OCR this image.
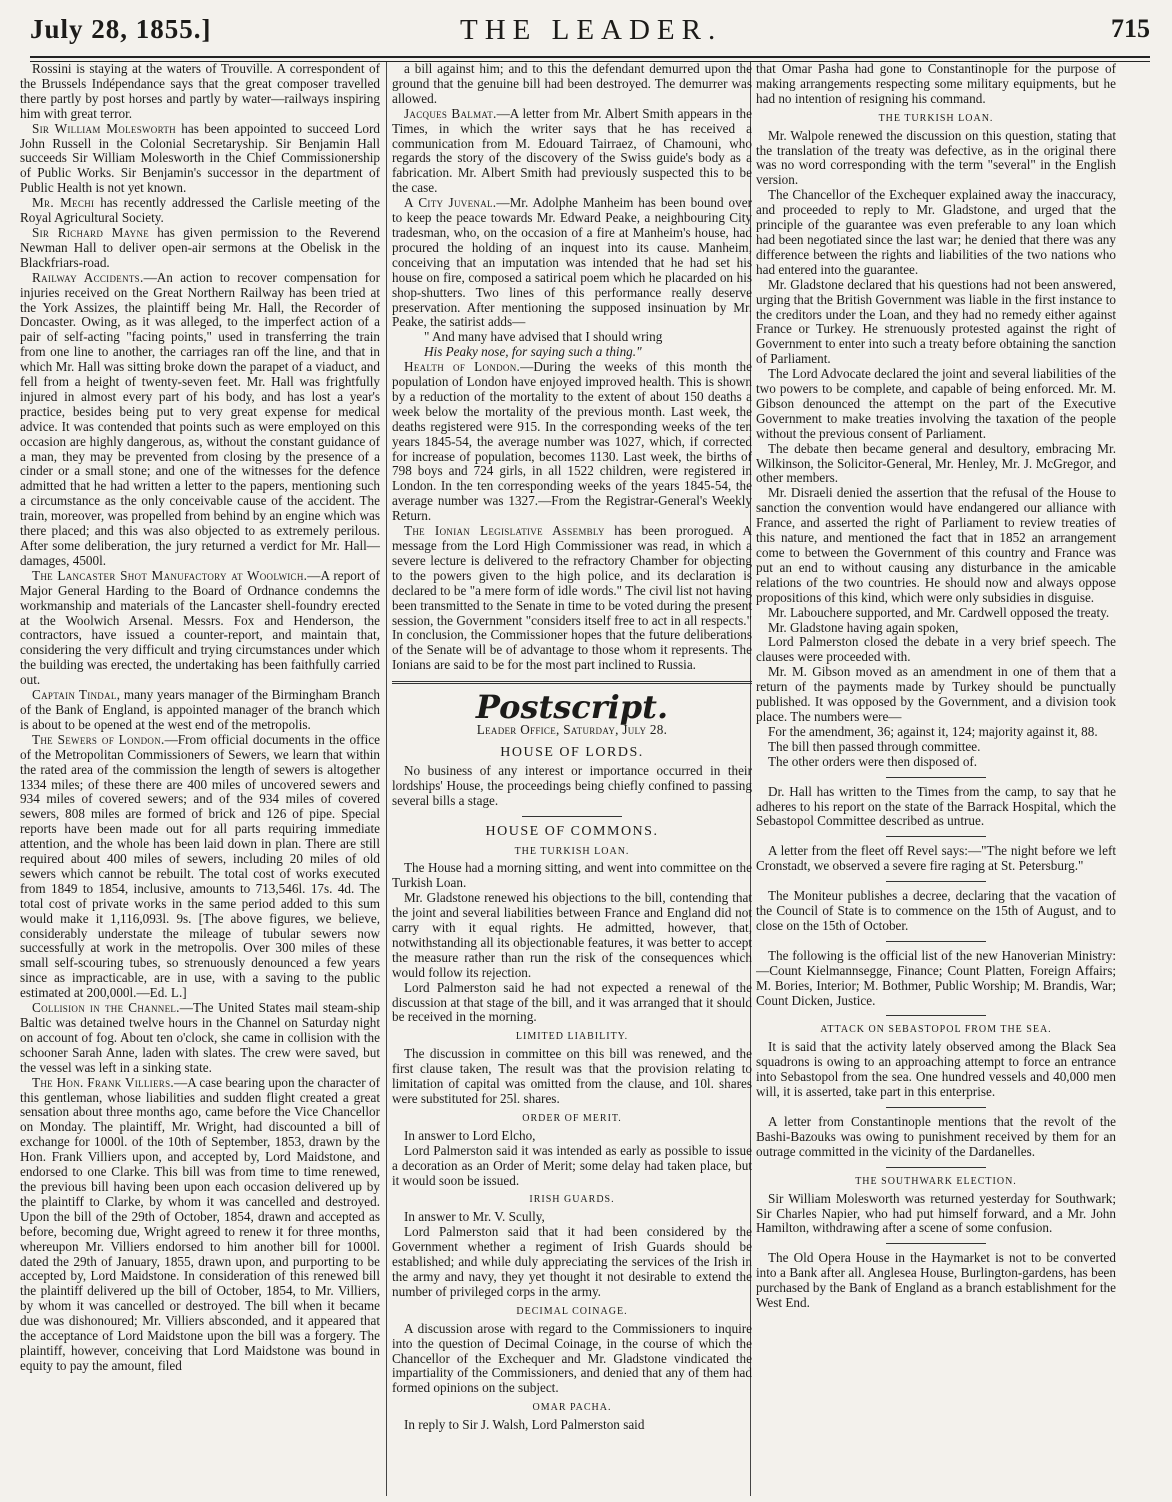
July 28, 1855.]	THE LEADER.	715

Rossini is staying at the waters of Trouville. A correspondent of the Brussels Indépendance says that the great composer travelled there partly by post horses and partly by water—railways inspiring him with great terror.

Sir William Molesworth has been appointed to succeed Lord John Russell in the Colonial Secretaryship. Sir Benjamin Hall succeeds Sir William Molesworth in the Chief Commissionership of Public Works. Sir Benjamin's successor in the department of Public Health is not yet known.

Mr. Mechi has recently addressed the Carlisle meeting of the Royal Agricultural Society.

Sir Richard Mayne has given permission to the Reverend Newman Hall to deliver open-air sermons at the Obelisk in the Blackfriars-road.

Railway Accidents.—An action to recover compensation for injuries received on the Great Northern Railway has been tried at the York Assizes, the plaintiff being Mr. Hall, the Recorder of Doncaster. Owing, as it was alleged, to the imperfect action of a pair of self-acting "facing points," used in transferring the train from one line to another, the carriages ran off the line, and that in which Mr. Hall was sitting broke down the parapet of a viaduct, and fell from a height of twenty-seven feet. Mr. Hall was frightfully injured in almost every part of his body, and has lost a year's practice, besides being put to very great expense for medical advice. It was contended that points such as were employed on this occasion are highly dangerous, as, without the constant guidance of a man, they may be prevented from closing by the presence of a cinder or a small stone; and one of the witnesses for the defence admitted that he had written a letter to the papers, mentioning such a circumstance as the only conceivable cause of the accident. The train, moreover, was propelled from behind by an engine which was there placed; and this was also objected to as extremely perilous. After some deliberation, the jury returned a verdict for Mr. Hall—damages, 4500l.

The Lancaster Shot Manufactory at Woolwich.—A report of Major General Harding to the Board of Ordnance condemns the workmanship and materials of the Lancaster shell-foundry erected at the Woolwich Arsenal. Messrs. Fox and Henderson, the contractors, have issued a counter-report, and maintain that, considering the very difficult and trying circumstances under which the building was erected, the undertaking has been faithfully carried out.

Captain Tindal, many years manager of the Birmingham Branch of the Bank of England, is appointed manager of the branch which is about to be opened at the west end of the metropolis.

The Sewers of London.—From official documents in the office of the Metropolitan Commissioners of Sewers, we learn that within the rated area of the commission the length of sewers is altogether 1334 miles; of these there are 400 miles of uncovered sewers and 934 miles of covered sewers; and of the 934 miles of covered sewers, 808 miles are formed of brick and 126 of pipe. Special reports have been made out for all parts requiring immediate attention, and the whole has been laid down in plan. There are still required about 400 miles of sewers, including 20 miles of old sewers which cannot be rebuilt. The total cost of works executed from 1849 to 1854, inclusive, amounts to 713,546l. 17s. 4d. The total cost of private works in the same period added to this sum would make it 1,116,093l. 9s. [The above figures, we believe, considerably understate the mileage of tubular sewers now successfully at work in the metropolis. Over 300 miles of these small self-scouring tubes, so strenuously denounced a few years since as impracticable, are in use, with a saving to the public estimated at 200,000l.—Ed. L.]

Collision in the Channel.—The United States mail steam-ship Baltic was detained twelve hours in the Channel on Saturday night on account of fog. About ten o'clock, she came in collision with the schooner Sarah Anne, laden with slates. The crew were saved, but the vessel was left in a sinking state.

The Hon. Frank Villiers.—A case bearing upon the character of this gentleman, whose liabilities and sudden flight created a great sensation about three months ago, came before the Vice Chancellor on Monday. The plaintiff, Mr. Wright, had discounted a bill of exchange for 1000l. of the 10th of September, 1853, drawn by the Hon. Frank Villiers upon, and accepted by, Lord Maidstone, and endorsed to one Clarke. This bill was from time to time renewed, the previous bill having been upon each occasion delivered up by the plaintiff to Clarke, by whom it was cancelled and destroyed. Upon the bill of the 29th of October, 1854, drawn and accepted as before, becoming due, Wright agreed to renew it for three months, whereupon Mr. Villiers endorsed to him another bill for 1000l. dated the 29th of January, 1855, drawn upon, and purporting to be accepted by, Lord Maidstone. In consideration of this renewed bill the plaintiff delivered up the bill of October, 1854, to Mr. Villiers, by whom it was cancelled or destroyed. The bill when it became due was dishonoured; Mr. Villiers absconded, and it appeared that the acceptance of Lord Maidstone upon the bill was a forgery. The plaintiff, however, conceiving that Lord Maidstone was bound in equity to pay the amount, filed

a bill against him; and to this the defendant demurred upon the ground that the genuine bill had been destroyed. The demurrer was allowed.

Jacques Balmat.—A letter from Mr. Albert Smith appears in the Times, in which the writer says that he has received a communication from M. Edouard Tairraez, of Chamouni, who regards the story of the discovery of the Swiss guide's body as a fabrication. Mr. Albert Smith had previously suspected this to be the case.

A City Juvenal.—Mr. Adolphe Manheim has been bound over to keep the peace towards Mr. Edward Peake, a neighbouring City tradesman, who, on the occasion of a fire at Manheim's house, had procured the holding of an inquest into its cause. Manheim, conceiving that an imputation was intended that he had set his house on fire, composed a satirical poem which he placarded on his shop-shutters. Two lines of this performance really deserve preservation. After mentioning the supposed insinuation by Mr. Peake, the satirist adds—

" And many have advised that I should wring

His Peaky nose, for saying such a thing."

Health of London.—During the weeks of this month the population of London have enjoyed improved health. This is shown by a reduction of the mortality to the extent of about 150 deaths a week below the mortality of the previous month. Last week, the deaths registered were 915. In the corresponding weeks of the ten years 1845-54, the average number was 1027, which, if corrected for increase of population, becomes 1130. Last week, the births of 798 boys and 724 girls, in all 1522 children, were registered in London. In the ten corresponding weeks of the years 1845-54, the average number was 1327.—From the Registrar-General's Weekly Return.

The Ionian Legislative Assembly has been prorogued. A message from the Lord High Commissioner was read, in which a severe lecture is delivered to the refractory Chamber for objecting to the powers given to the high police, and its declaration is declared to be "a mere form of idle words." The civil list not having been transmitted to the Senate in time to be voted during the present session, the Government "considers itself free to act in all respects." In conclusion, the Commissioner hopes that the future deliberations of the Senate will be of advantage to those whom it represents. The Ionians are said to be for the most part inclined to Russia.

Postscript.

Leader Office, Saturday, July 28.

HOUSE OF LORDS.

No business of any interest or importance occurred in their lordships' House, the proceedings being chiefly confined to passing several bills a stage.

HOUSE OF COMMONS.
THE TURKISH LOAN.

The House had a morning sitting, and went into committee on the Turkish Loan.

Mr. Gladstone renewed his objections to the bill, contending that the joint and several liabilities between France and England did not carry with it equal rights. He admitted, however, that, notwithstanding all its objectionable features, it was better to accept the measure rather than run the risk of the consequences which would follow its rejection.

Lord Palmerston said he had not expected a renewal of the discussion at that stage of the bill, and it was arranged that it should be received in the morning.

LIMITED LIABILITY.

The discussion in committee on this bill was renewed, and the first clause taken, The result was that the provision relating to limitation of capital was omitted from the clause, and 10l. shares were substituted for 25l. shares.

ORDER OF MERIT.

In answer to Lord Elcho,

Lord Palmerston said it was intended as early as possible to issue a decoration as an Order of Merit; some delay had taken place, but it would soon be issued.

IRISH GUARDS.

In answer to Mr. V. Scully,

Lord Palmerston said that it had been considered by the Government whether a regiment of Irish Guards should be established; and while duly appreciating the services of the Irish in the army and navy, they yet thought it not desirable to extend the number of privileged corps in the army.

DECIMAL COINAGE.

A discussion arose with regard to the Commissioners to inquire into the question of Decimal Coinage, in the course of which the Chancellor of the Exchequer and Mr. Gladstone vindicated the impartiality of the Commissioners, and denied that any of them had formed opinions on the subject.

OMAR PACHA.

In reply to Sir J. Walsh, Lord Palmerston said

that Omar Pasha had gone to Constantinople for the purpose of making arrangements respecting some military equipments, but he had no intention of resigning his command.

THE TURKISH LOAN.

Mr. Walpole renewed the discussion on this question, stating that the translation of the treaty was defective, as in the original there was no word corresponding with the term "several" in the English version.

The Chancellor of the Exchequer explained away the inaccuracy, and proceeded to reply to Mr. Gladstone, and urged that the principle of the guarantee was even preferable to any loan which had been negotiated since the last war; he denied that there was any difference between the rights and liabilities of the two nations who had entered into the guarantee.

Mr. Gladstone declared that his questions had not been answered, urging that the British Government was liable in the first instance to the creditors under the Loan, and they had no remedy either against France or Turkey. He strenuously protested against the right of Government to enter into such a treaty before obtaining the sanction of Parliament.

The Lord Advocate declared the joint and several liabilities of the two powers to be complete, and capable of being enforced. Mr. M. Gibson denounced the attempt on the part of the Executive Government to make treaties involving the taxation of the people without the previous consent of Parliament.

The debate then became general and desultory, embracing Mr. Wilkinson, the Solicitor-General, Mr. Henley, Mr. J. McGregor, and other members.

Mr. Disraeli denied the assertion that the refusal of the House to sanction the convention would have endangered our alliance with France, and asserted the right of Parliament to review treaties of this nature, and mentioned the fact that in 1852 an arrangement come to between the Government of this country and France was put an end to without causing any disturbance in the amicable relations of the two countries. He should now and always oppose propositions of this kind, which were only subsidies in disguise.

Mr. Labouchere supported, and Mr. Cardwell opposed the treaty.

Mr. Gladstone having again spoken,

Lord Palmerston closed the debate in a very brief speech. The clauses were proceeded with.

Mr. M. Gibson moved as an amendment in one of them that a return of the payments made by Turkey should be punctually published. It was opposed by the Government, and a division took place. The numbers were—

For the amendment, 36; against it, 124; majority against it, 88.

The bill then passed through committee.

The other orders were then disposed of.

Dr. Hall has written to the Times from the camp, to say that he adheres to his report on the state of the Barrack Hospital, which the Sebastopol Committee described as untrue.

A letter from the fleet off Revel says:—"The night before we left Cronstadt, we observed a severe fire raging at St. Petersburg."

The Moniteur publishes a decree, declaring that the vacation of the Council of State is to commence on the 15th of August, and to close on the 15th of October.

The following is the official list of the new Hanoverian Ministry:—Count Kielmannsegge, Finance; Count Platten, Foreign Affairs; M. Bories, Interior; M. Bothmer, Public Worship; M. Brandis, War; Count Dicken, Justice.

ATTACK ON SEBASTOPOL FROM THE SEA.

It is said that the activity lately observed among the Black Sea squadrons is owing to an approaching attempt to force an entrance into Sebastopol from the sea. One hundred vessels and 40,000 men will, it is asserted, take part in this enterprise.

A letter from Constantinople mentions that the revolt of the Bashi-Bazouks was owing to punishment received by them for an outrage committed in the vicinity of the Dardanelles.

THE SOUTHWARK ELECTION.

Sir William Molesworth was returned yesterday for Southwark; Sir Charles Napier, who had put himself forward, and a Mr. John Hamilton, withdrawing after a scene of some confusion.

The Old Opera House in the Haymarket is not to be converted into a Bank after all. Anglesea House, Burlington-gardens, has been purchased by the Bank of England as a branch establishment for the West End.
